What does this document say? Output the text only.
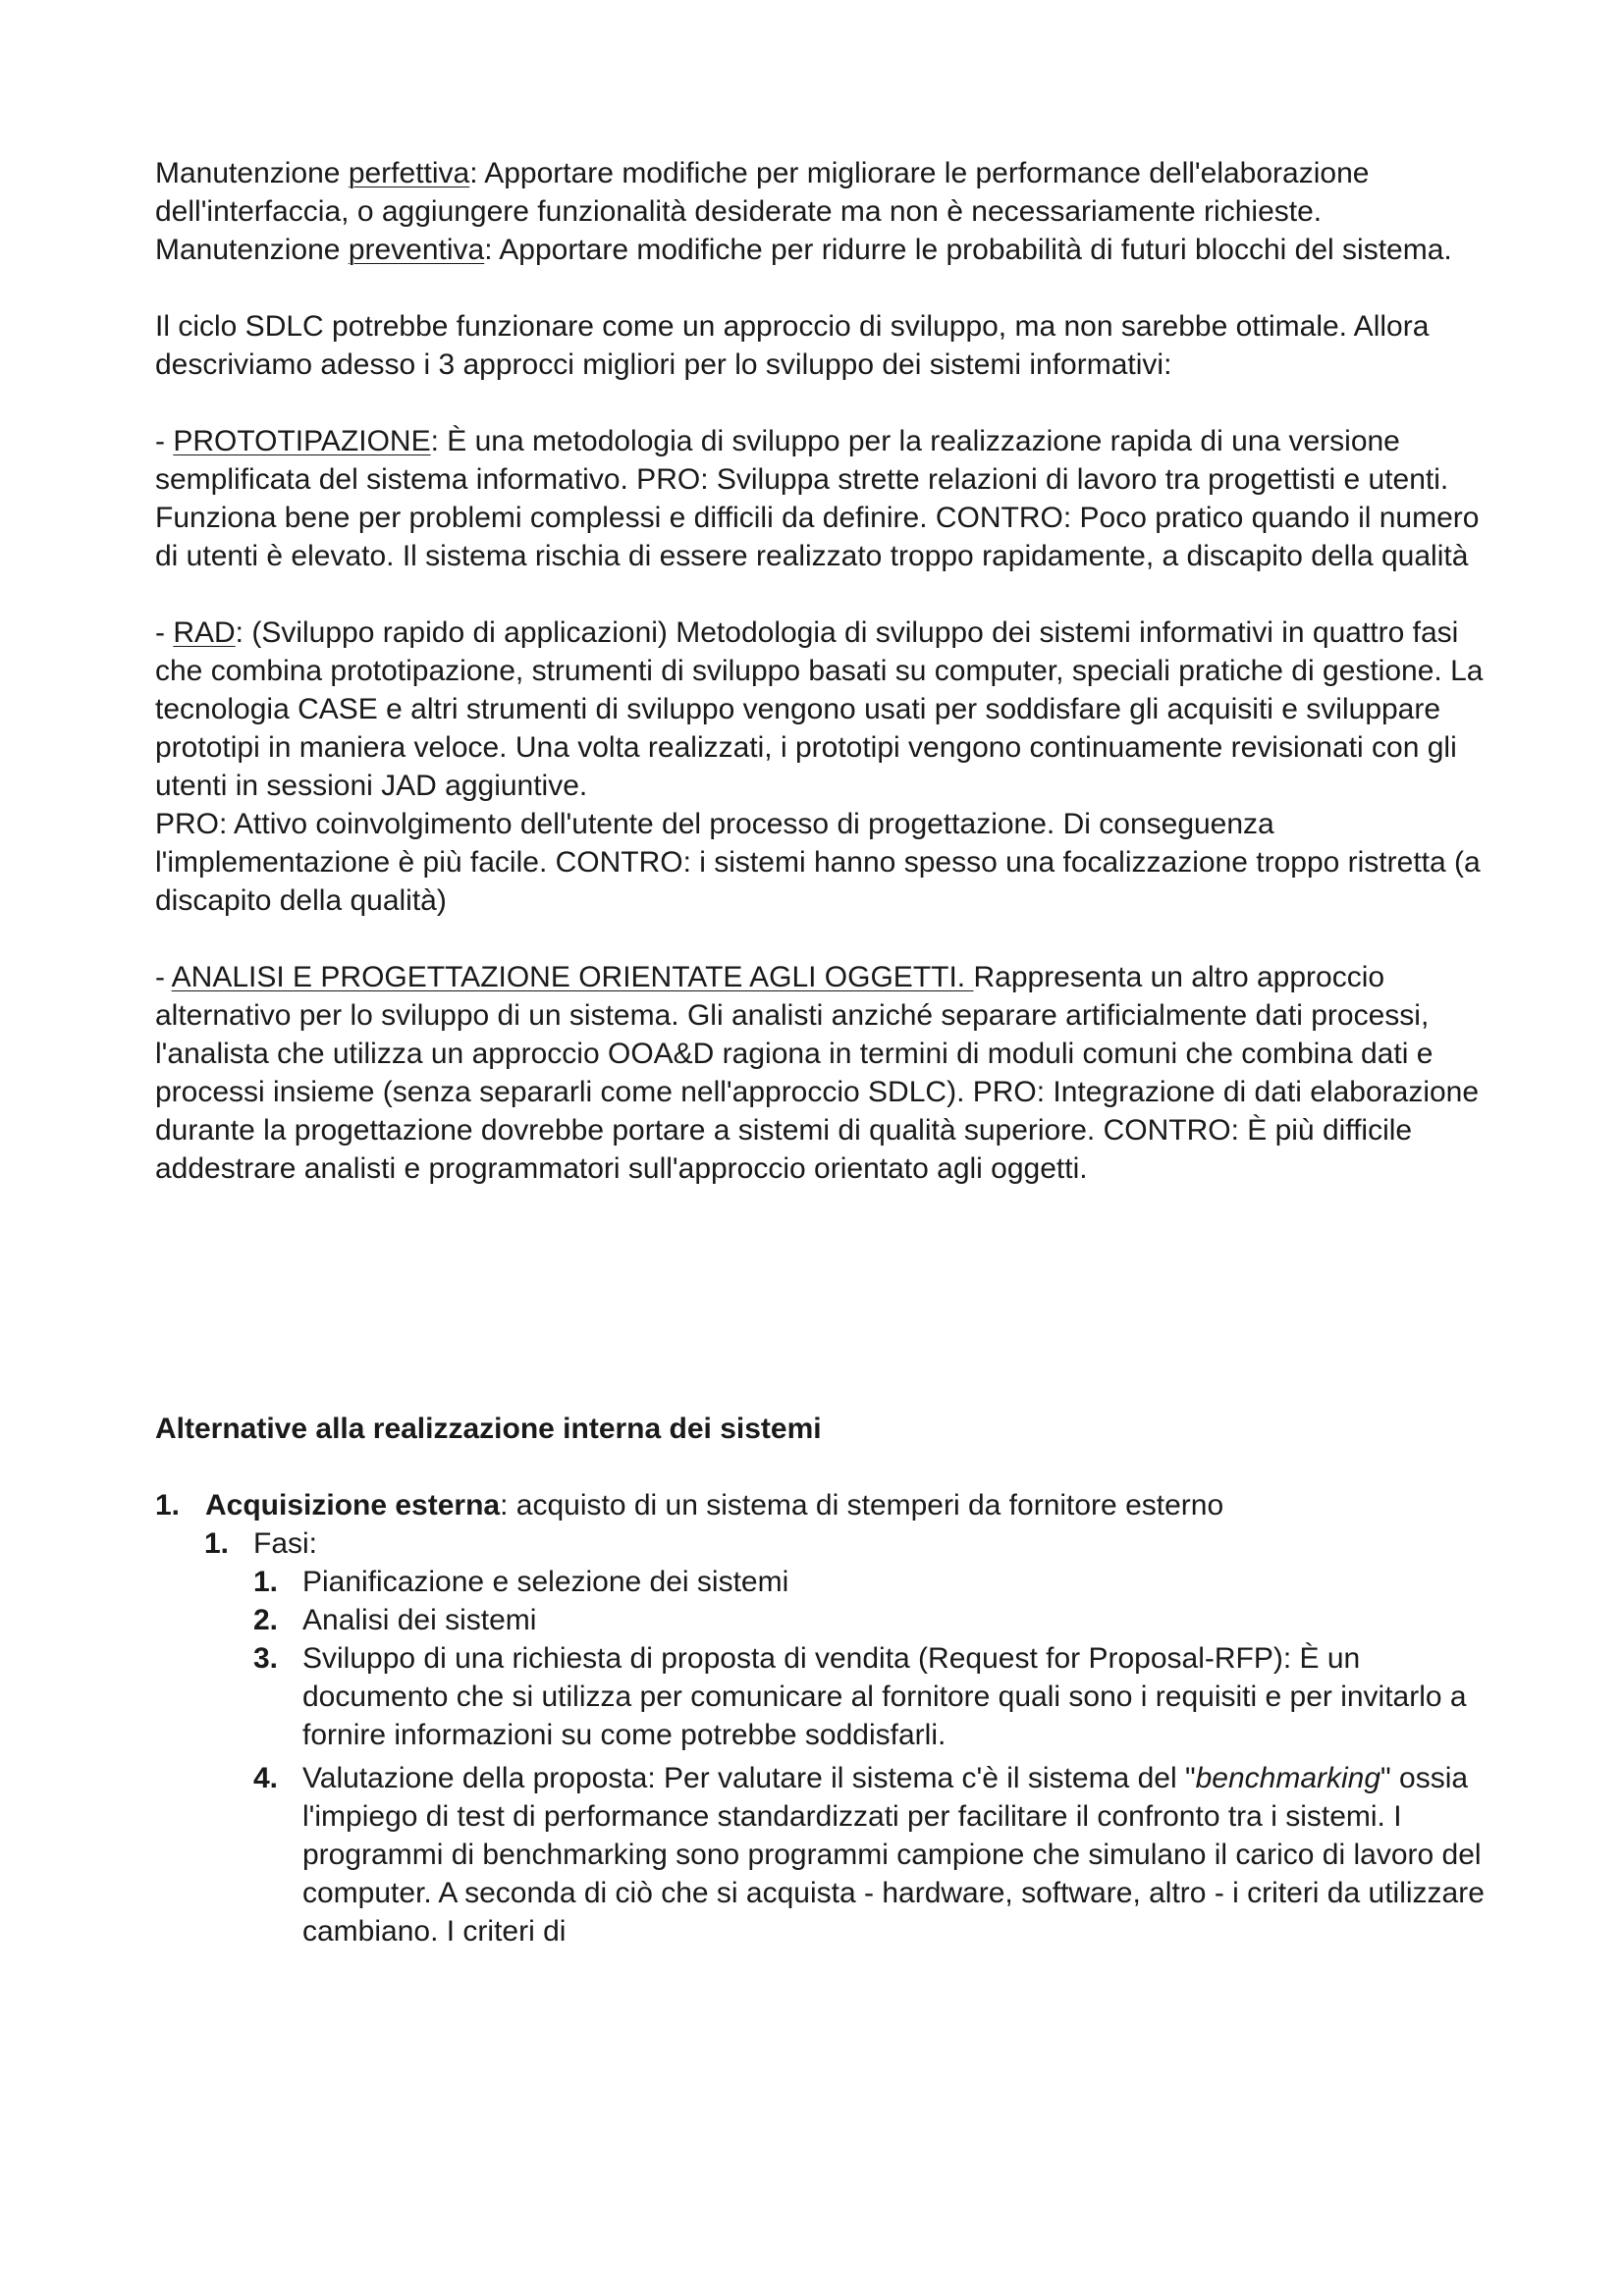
Manutenzione perfettiva: Apportare modifiche per migliorare le performance dell'elaborazione dell'interfaccia, o aggiungere funzionalità desiderate ma non è necessariamente richieste.

Manutenzione preventiva: Apportare modifiche per ridurre le probabilità di futuri blocchi del sistema.

Il ciclo SDLC potrebbe funzionare come un approccio di sviluppo, ma non sarebbe ottimale. Allora descriviamo adesso i 3 approcci migliori per lo sviluppo dei sistemi informativi:

- PROTOTIPAZIONE: È una metodologia di sviluppo per la realizzazione rapida di una versione semplificata del sistema informativo. PRO: Sviluppa strette relazioni di lavoro tra progettisti e utenti. Funziona bene per problemi complessi e difficili da definire. CONTRO: Poco pratico quando il numero di utenti è elevato. Il sistema rischia di essere realizzato troppo rapidamente, a discapito della qualità

- RAD: (Sviluppo rapido di applicazioni) Metodologia di sviluppo dei sistemi informativi in quattro fasi che combina prototipazione, strumenti di sviluppo basati su computer, speciali pratiche di gestione. La tecnologia CASE e altri strumenti di sviluppo vengono usati per soddisfare gli acquisiti e sviluppare prototipi in maniera veloce. Una volta realizzati, i prototipi vengono continuamente revisionati con gli utenti in sessioni JAD aggiuntive.

PRO: Attivo coinvolgimento dell'utente del processo di progettazione. Di conseguenza l'implementazione è più facile. CONTRO: i sistemi hanno spesso una focalizzazione troppo ristretta (a discapito della qualità)

- ANALISI E PROGETTAZIONE ORIENTATE AGLI OGGETTI. Rappresenta un altro approccio alternativo per lo sviluppo di un sistema. Gli analisti anziché separare artificialmente dati processi, l'analista che utilizza un approccio OOA&D ragiona in termini di moduli comuni che combina dati e processi insieme (senza separarli come nell'approccio SDLC). PRO: Integrazione di dati elaborazione durante la progettazione dovrebbe portare a sistemi di qualità superiore. CONTRO: È più difficile addestrare analisti e programmatori sull'approccio orientato agli oggetti.

Alternative alla realizzazione interna dei sistemi

1. Acquisizione esterna: acquisto di un sistema di stemperi da fornitore esterno
1. Fasi:
1. Pianificazione e selezione dei sistemi
2. Analisi dei sistemi
3. Sviluppo di una richiesta di proposta di vendita (Request for Proposal-RFP): È un documento che si utilizza per comunicare al fornitore quali sono i requisiti e per invitarlo a fornire informazioni su come potrebbe soddisfarli.
4. Valutazione della proposta: Per valutare il sistema c'è il sistema del "benchmarking" ossia l'impiego di test di performance standardizzati per facilitare il confronto tra i sistemi. I programmi di benchmarking sono programmi campione che simulano il carico di lavoro del computer. A seconda di ciò che si acquista - hardware, software, altro - i criteri da utilizzare cambiano. I criteri di
